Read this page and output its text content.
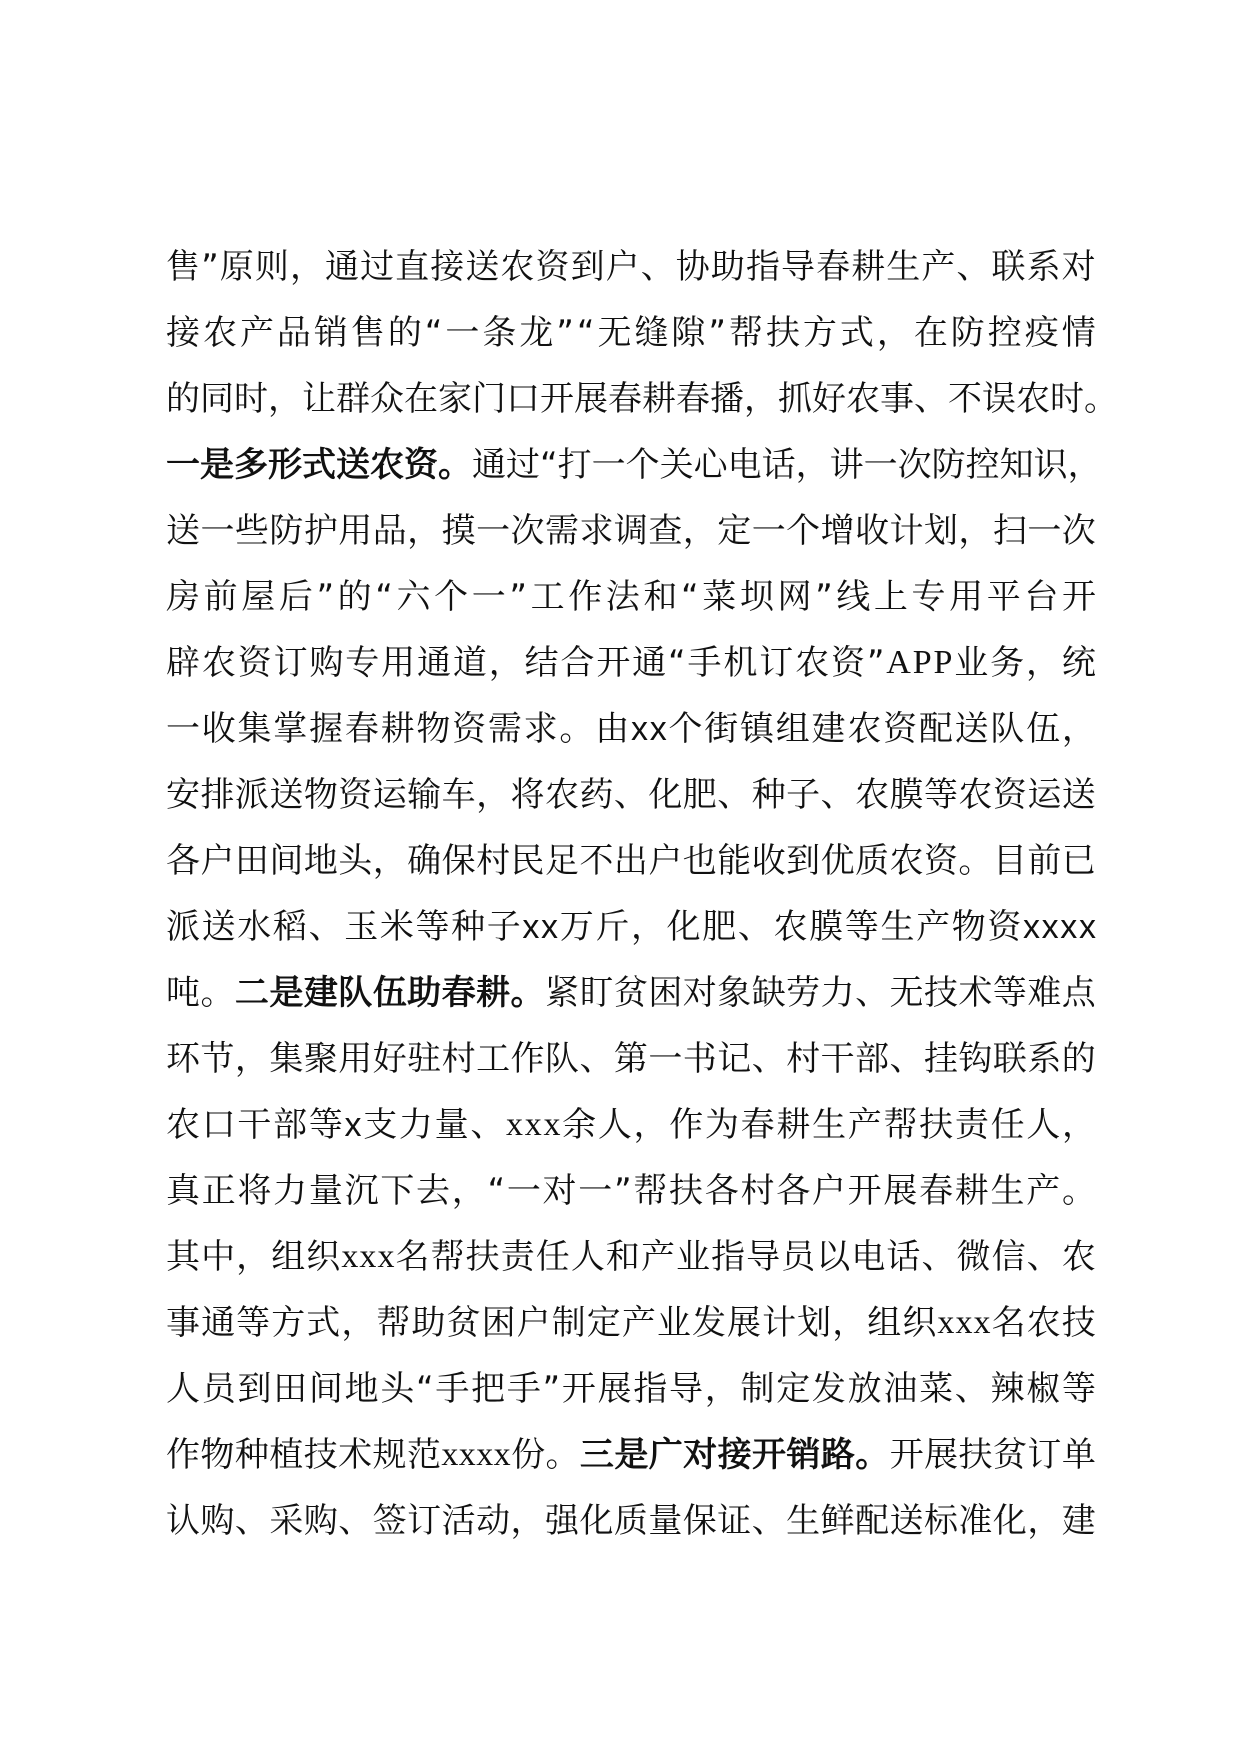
售 ” 原 则 ， 通 过 直 接 送 农 资 到 户 、 协 助 指 导 春 耕 生 产 、 联 系 对
接 农 产 品 销 售 的 “ 一 条 龙 ” “ 无 缝 隙 ” 帮 扶 方 式 ， 在 防 控 疫 情
的 同 时 ， 让 群 众 在 家 门 口 开 展 春 耕 春 播 ， 抓 好 农 事 、 不 误 农 时 。
一 是 多 形 式 送 农 资 。 通 过 “ 打 一 个 关 心 电 话 ， 讲 一 次 防 控 知 识 ，
送 一 些 防 护 用 品 ， 摸 一 次 需 求 调 查 ， 定 一 个 增 收 计 划 ， 扫 一 次
房 前 屋 后 ” 的 “ 六 个 一 ” 工 作 法 和 “ 菜 坝 网 ” 线 上 专 用 平 台 开
辟 农 资 订 购 专 用 通 道 ， 结 合 开 通 “ 手 机 订 农 资 ” A P P 业 务 ， 统
一 收 集 掌 握 春 耕 物 资 需 求 。 由 x x 个 街 镇 组 建 农 资 配 送 队 伍 ，
安 排 派 送 物 资 运 输 车 ， 将 农 药 、 化 肥 、 种 子 、 农 膜 等 农 资 运 送
各 户 田 间 地 头 ， 确 保 村 民 足 不 出 户 也 能 收 到 优 质 农 资 。 目 前 已
派 送 水 稻 、 玉 米 等 种 子 x x 万 斤 ， 化 肥 、 农 膜 等 生 产 物 资 x x x x
吨 。 二 是 建 队 伍 助 春 耕 。 紧 盯 贫 困 对 象 缺 劳 力 、 无 技 术 等 难 点
环 节 ， 集 聚 用 好 驻 村 工 作 队 、 第 一 书 记 、 村 干 部 、 挂 钩 联 系 的
农 口 干 部 等 x 支 力 量 、 x x x 余 人 ， 作 为 春 耕 生 产 帮 扶 责 任 人 ，
真 正 将 力 量 沉 下 去 ， “ 一 对 一 ” 帮 扶 各 村 各 户 开 展 春 耕 生 产 。
其 中 ， 组 织 x x x 名 帮 扶 责 任 人 和 产 业 指 导 员 以 电 话 、 微 信 、 农
事 通 等 方 式 ， 帮 助 贫 困 户 制 定 产 业 发 展 计 划 ， 组 织 x x x 名 农 技
人 员 到 田 间 地 头 “ 手 把 手 ” 开 展 指 导 ， 制 定 发 放 油 菜 、 辣 椒 等
作 物 种 植 技 术 规 范 x x x x 份 。 三 是 广 对 接 开 销 路 。 开 展 扶 贫 订 单
认 购 、 采 购 、 签 订 活 动 ， 强 化 质 量 保 证 、 生 鲜 配 送 标 准 化 ， 建
